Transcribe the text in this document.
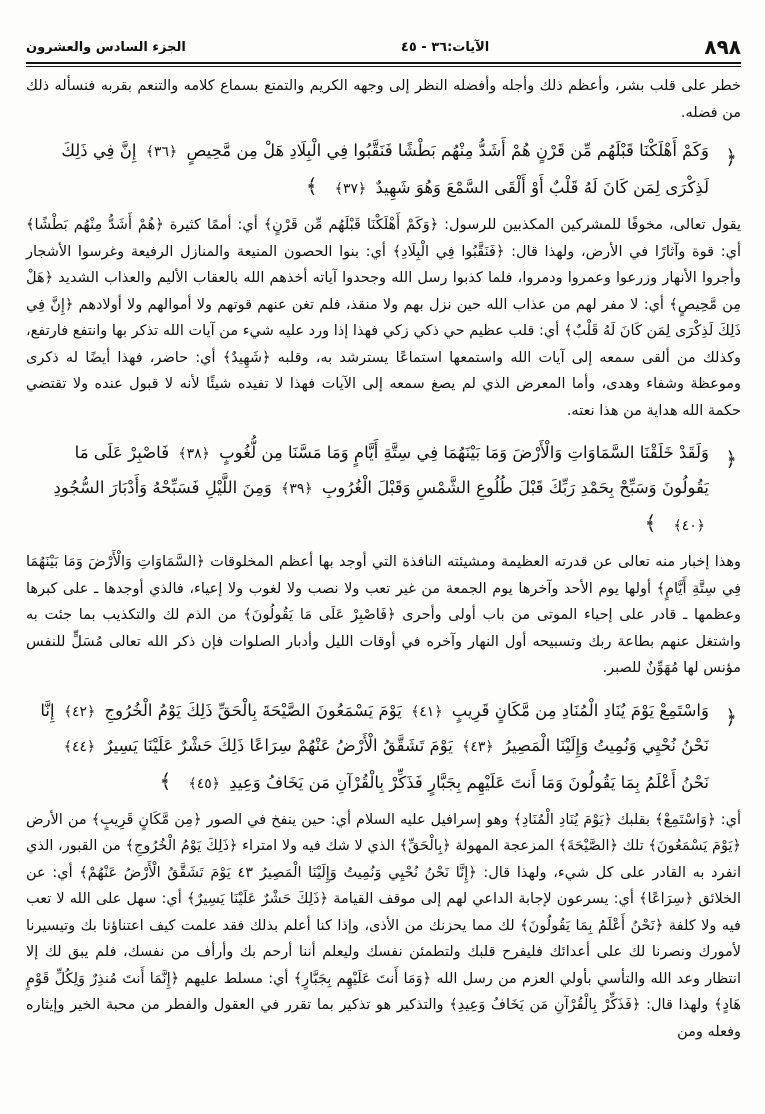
٨٩٨
الآيات:٣٦ - ٤٥
الجزء السادس والعشرون

خطر على قلب بشر، وأعظم ذلك وأجله وأفضله النظر إلى وجهه الكريم والتمتع بسماع كلامه والتنعم بقربه فنسأله ذلك من فضله.

﴿
وَكَمْ أَهْلَكْنَا قَبْلَهُم مِّن قَرْنٍ هُمْ أَشَدُّ مِنْهُم بَطْشًا فَنَقَّبُوا فِي الْبِلَادِ هَلْ مِن مَّحِيصٍ ﴿٣٦﴾ إِنَّ فِي ذَلِكَ لَذِكْرَى لِمَن كَانَ لَهُ قَلْبٌ أَوْ أَلْقَى السَّمْعَ وَهُوَ شَهِيدٌ ﴿٣٧﴾ ﴾

يقول تعالى، مخوفًا للمشركين المكذبين للرسول: ﴿وَكَمْ أَهْلَكْنَا قَبْلَهُم مِّن قَرْنٍ﴾ أي: أممًا كثيرة ﴿هُمْ أَشَدُّ مِنْهُم بَطْشًا﴾ أي: قوة وآثارًا في الأرض، ولهذا قال: ﴿فَنَقَّبُوا فِي الْبِلَادِ﴾ أي: بنوا الحصون المنيعة والمنازل الرفيعة وغرسوا الأشجار وأجروا الأنهار وزرعوا وعمروا ودمروا، فلما كذبوا رسل الله وجحدوا آياته أخذهم الله بالعقاب الأليم والعذاب الشديد ﴿هَلْ مِن مَّحِيصٍ﴾ أي: لا مفر لهم من عذاب الله حين نزل بهم ولا منقذ، فلم تغن عنهم قوتهم ولا أموالهم ولا أولادهم ﴿إِنَّ فِي ذَلِكَ لَذِكْرَى لِمَن كَانَ لَهُ قَلْبٌ﴾ أي: قلب عظيم حي ذكي زكي فهذا إذا ورد عليه شيء من آيات الله تذكر بها وانتفع فارتفع، وكذلك من ألقى سمعه إلى آيات الله واستمعها استماعًا يسترشد به، وقلبه ﴿شَهِيدٌ﴾ أي: حاضر، فهذا أيضًا له ذكرى وموعظة وشفاء وهدى، وأما المعرض الذي لم يصغ سمعه إلى الآيات فهذا لا تفيده شيئًا لأنه لا قبول عنده ولا تقتضي حكمة الله هداية من هذا نعته.

﴿
وَلَقَدْ خَلَقْنَا السَّمَاوَاتِ وَالْأَرْضَ وَمَا بَيْنَهُمَا فِي سِتَّةِ أَيَّامٍ وَمَا مَسَّنَا مِن لُّغُوبٍ ﴿٣٨﴾ فَاصْبِرْ عَلَى مَا يَقُولُونَ وَسَبِّحْ بِحَمْدِ رَبِّكَ قَبْلَ طُلُوعِ الشَّمْسِ وَقَبْلَ الْغُرُوبِ ﴿٣٩﴾ وَمِنَ اللَّيْلِ فَسَبِّحْهُ وَأَدْبَارَ السُّجُودِ ﴿٤٠﴾ ﴾

وهذا إخبار منه تعالى عن قدرته العظيمة ومشيئته النافذة التي أوجد بها أعظم المخلوقات ﴿السَّمَاوَاتِ وَالْأَرْضَ وَمَا بَيْنَهُمَا فِي سِتَّةِ أَيَّامٍ﴾ أولها يوم الأحد وآخرها يوم الجمعة من غير تعب ولا نصب ولا لغوب ولا إعياء، فالذي أوجدها ـ على كبرها وعظمها ـ قادر على إحياء الموتى من باب أولى وأحرى ﴿فَاصْبِرْ عَلَى مَا يَقُولُونَ﴾ من الذم لك والتكذيب بما جئت به واشتغل عنهم بطاعة ربك وتسبيحه أول النهار وآخره في أوقات الليل وأدبار الصلوات فإن ذكر الله تعالى مُسَلٍّ للنفس مؤنس لها مُهَوِّنٌ للصبر.

﴿
وَاسْتَمِعْ يَوْمَ يُنَادِ الْمُنَادِ مِن مَّكَانٍ قَرِيبٍ ﴿٤١﴾ يَوْمَ يَسْمَعُونَ الصَّيْحَةَ بِالْحَقِّ ذَلِكَ يَوْمُ الْخُرُوجِ ﴿٤٢﴾ إِنَّا نَحْنُ نُحْيِي وَنُمِيتُ وَإِلَيْنَا الْمَصِيرُ ﴿٤٣﴾ يَوْمَ تَشَقَّقُ الْأَرْضُ عَنْهُمْ سِرَاعًا ذَلِكَ حَشْرٌ عَلَيْنَا يَسِيرٌ ﴿٤٤﴾ نَحْنُ أَعْلَمُ بِمَا يَقُولُونَ وَمَا أَنتَ عَلَيْهِم بِجَبَّارٍ فَذَكِّرْ بِالْقُرْآنِ مَن يَخَافُ وَعِيدِ ﴿٤٥﴾ ﴾

أي: ﴿وَاسْتَمِعْ﴾ بقلبك ﴿يَوْمَ يُنَادِ الْمُنَادِ﴾ وهو إسرافيل عليه السلام أي: حين ينفخ في الصور ﴿مِن مَّكَانٍ قَرِيبٍ﴾ من الأرض ﴿يَوْمَ يَسْمَعُونَ﴾ تلك ﴿الصَّيْحَةَ﴾ المزعجة المهولة ﴿بِالْحَقِّ﴾ الذي لا شك فيه ولا امتراء ﴿ذَلِكَ يَوْمُ الْخُرُوجِ﴾ من القبور، الذي انفرد به القادر على كل شيء، ولهذا قال: ﴿إِنَّا نَحْنُ نُحْيِي وَنُمِيتُ وَإِلَيْنَا الْمَصِيرُ ٤٣ يَوْمَ تَشَقَّقُ الْأَرْضُ عَنْهُمْ﴾ أي: عن الخلائق ﴿سِرَاعًا﴾ أي: يسرعون لإجابة الداعي لهم إلى موقف القيامة ﴿ذَلِكَ حَشْرٌ عَلَيْنَا يَسِيرٌ﴾ أي: سهل على الله لا تعب فيه ولا كلفة ﴿نَحْنُ أَعْلَمُ بِمَا يَقُولُونَ﴾ لك مما يحزنك من الأذى، وإذا كنا أعلم بذلك فقد علمت كيف اعتناؤنا بك وتيسيرنا لأمورك ونصرنا لك على أعدائك فليفرح قلبك ولتطمئن نفسك وليعلم أننا أرحم بك وأرأف من نفسك، فلم يبق لك إلا انتظار وعد الله والتأسي بأولي العزم من رسل الله ﴿وَمَا أَنتَ عَلَيْهِم بِجَبَّارٍ﴾ أي: مسلط عليهم ﴿إِنَّمَا أَنتَ مُنذِرٌ وَلِكُلِّ قَوْمٍ هَادٍ﴾ ولهذا قال: ﴿فَذَكِّرْ بِالْقُرْآنِ مَن يَخَافُ وَعِيدِ﴾ والتذكير هو تذكير بما تقرر في العقول والفطر من محبة الخير وإيثاره وفعله ومن
